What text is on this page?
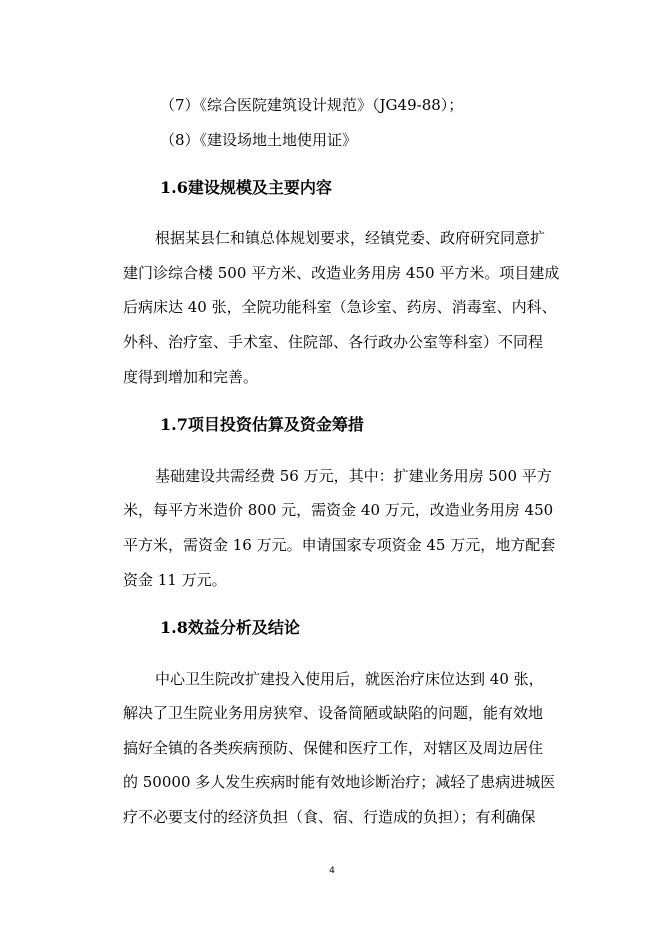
（7）《综合医院建筑设计规范》（JG49-88）；
（8）《建设场地土地使用证》
1.6建设规模及主要内容
根据某县仁和镇总体规划要求，经镇党委、政府研究同意扩
建门诊综合楼 500 平方米、改造业务用房 450 平方米。项目建成
后病床达 40 张，全院功能科室（急诊室、药房、消毒室、内科、
外科、治疗室、手术室、住院部、各行政办公室等科室）不同程
度得到增加和完善。
1.7项目投资估算及资金筹措
基础建设共需经费 56 万元，其中：扩建业务用房 500 平方
米，每平方米造价 800 元，需资金 40 万元，改造业务用房 450
平方米，需资金 16 万元。申请国家专项资金 45 万元，地方配套
资金 11 万元。
1.8效益分析及结论
中心卫生院改扩建投入使用后，就医治疗床位达到 40 张，
解决了卫生院业务用房狭窄、设备简陋或缺陷的问题，能有效地
搞好全镇的各类疾病预防、保健和医疗工作，对辖区及周边居住
的 50000 多人发生疾病时能有效地诊断治疗；减轻了患病进城医
疗不必要支付的经济负担（食、宿、行造成的负担）；有利确保
4
